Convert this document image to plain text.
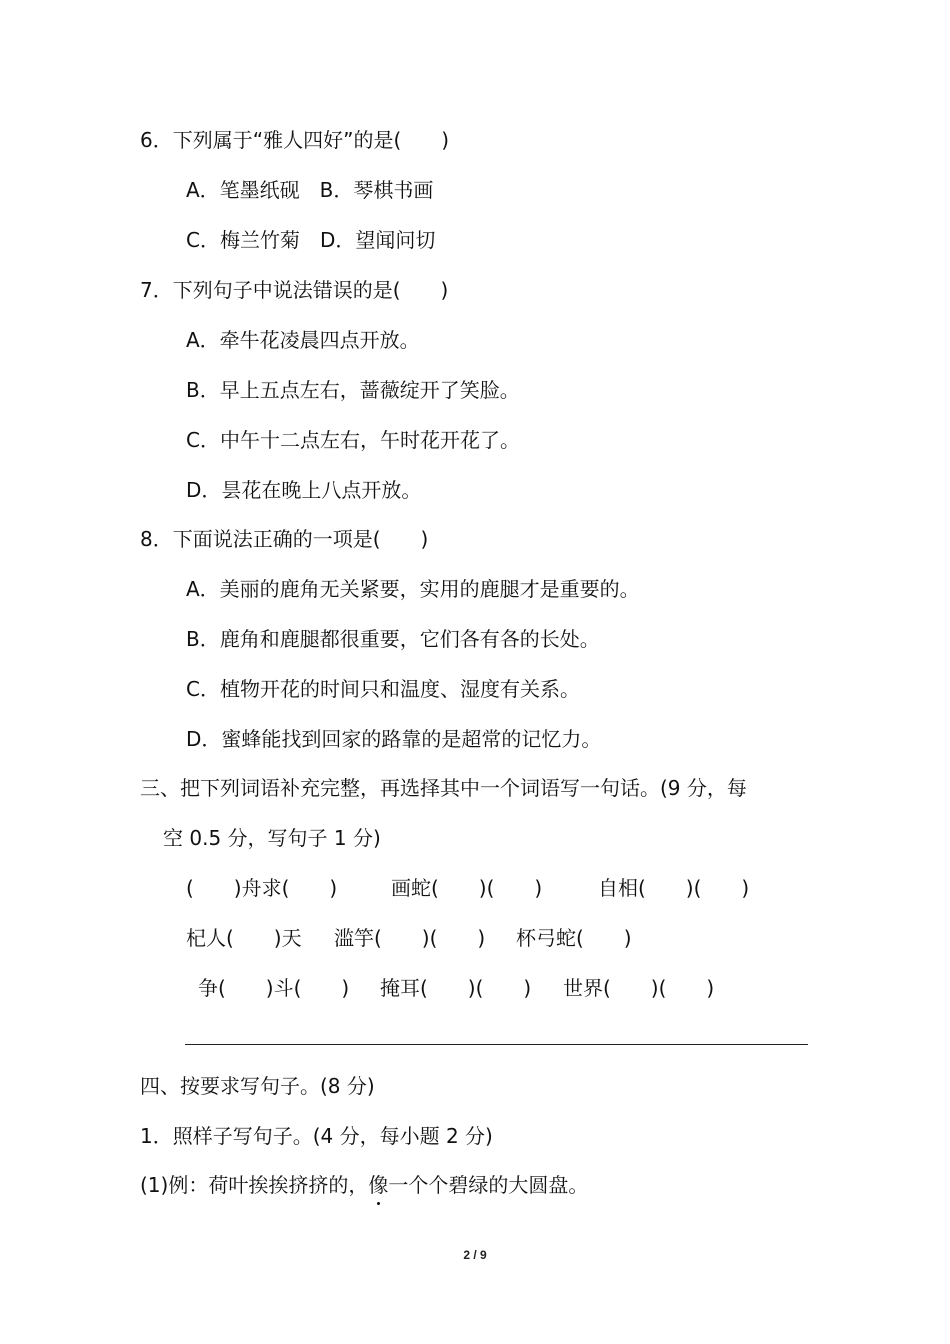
6．下列属于“雅人四好”的是(　　)

A．笔墨纸砚　B．琴棋书画

C．梅兰竹菊　D．望闻问切

7．下列句子中说法错误的是(　　)

A．牵牛花凌晨四点开放。

B．早上五点左右，蔷薇绽开了笑脸。

C．中午十二点左右，午时花开花了。

D．昙花在晚上八点开放。

8．下面说法正确的一项是(　　)

A．美丽的鹿角无关紧要，实用的鹿腿才是重要的。

B．鹿角和鹿腿都很重要，它们各有各的长处。

C．植物开花的时间只和温度、湿度有关系。

D．蜜蜂能找到回家的路靠的是超常的记忆力。

三、把下列词语补充完整，再选择其中一个词语写一句话。(9 分，每

空 0.5 分，写句子 1 分)

(　　)舟求(　　)	画蛇(　　)(　　)	自相(　　)(　　)

杞人(　　)天 滥竽(　　)(　　) 杯弓蛇(　　)

争(　　)斗(　　) 掩耳(　　)(　　) 世界(　　)(　　)

四、按要求写句子。(8 分)

1．照样子写句子。(4 分，每小题 2 分)

(1)例：荷叶挨挨挤挤的，像
一个个碧绿的大圆盘。

2 / 9
